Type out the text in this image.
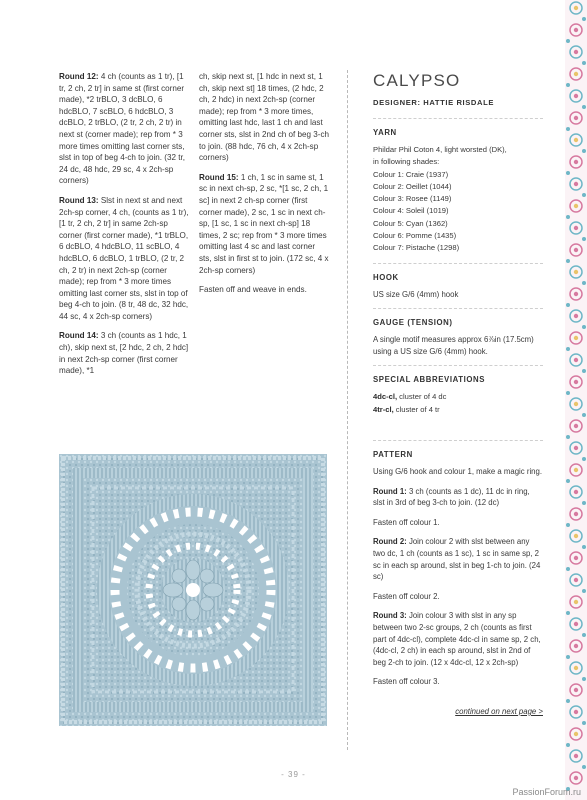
Round 12: 4 ch (counts as 1 tr), [1 tr, 2 ch, 2 tr] in same st (first corner made), *2 trBLO, 3 dcBLO, 6 hdcBLO, 7 scBLO, 6 hdcBLO, 3 dcBLO, 2 trBLO, (2 tr, 2 ch, 2 tr) in next st (corner made); rep from * 3 more times omitting last corner sts, slst in top of beg 4-ch to join. (32 tr, 24 dc, 48 hdc, 29 sc, 4 x 2ch-sp corners)

Round 13: Slst in next st and next 2ch-sp corner, 4 ch, (counts as 1 tr), [1 tr, 2 ch, 2 tr] in same 2ch-sp corner (first corner made), *1 trBLO, 6 dcBLO, 4 hdcBLO, 11 scBLO, 4 hdcBLO, 6 dcBLO, 1 trBLO, (2 tr, 2 ch, 2 tr) in next 2ch-sp (corner made); rep from * 3 more times omitting last corner sts, slst in top of beg 4-ch to join. (8 tr, 48 dc, 32 hdc, 44 sc, 4 x 2ch-sp corners)

Round 14: 3 ch (counts as 1 hdc, 1 ch), skip next st, [2 hdc, 2 ch, 2 hdc] in next 2ch-sp corner (first corner made), *1

ch, skip next st, [1 hdc in next st, 1 ch, skip next st] 18 times, (2 hdc, 2 ch, 2 hdc) in next 2ch-sp (corner made); rep from * 3 more times, omitting last hdc, last 1 ch and last corner sts, slst in 2nd ch of beg 3-ch to join. (88 hdc, 76 ch, 4 x 2ch-sp corners)

Round 15: 1 ch, 1 sc in same st, 1 sc in next ch-sp, 2 sc, *[1 sc, 2 ch, 1 sc] in next 2 ch-sp corner (first corner made), 2 sc, 1 sc in next ch-sp, [1 sc, 1 sc in next ch-sp] 18 times, 2 sc; rep from * 3 more times omitting last 4 sc and last corner sts, slst in first st to join. (172 sc, 4 x 2ch-sp corners)

Fasten off and weave in ends.

CALYPSO
DESIGNER: HATTIE RISDALE
YARN
Phildar Phil Coton 4, light worsted (DK),
in following shades:
Colour 1: Craie (1937)
Colour 2: Oeillet (1044)
Colour 3: Rosee (1149)
Colour 4: Soleil (1019)
Colour 5: Cyan (1362)
Colour 6: Pomme (1435)
Colour 7: Pistache (1298)
HOOK
US size G/6 (4mm) hook
GAUGE (TENSION)
A single motif measures approx 6⅞in (17.5cm) using a US size G/6 (4mm) hook.
SPECIAL ABBREVIATIONS
4dc-cl, cluster of 4 dc
4tr-cl, cluster of 4 tr
PATTERN
Using G/6 hook and colour 1, make a magic ring.
Round 1: 3 ch (counts as 1 dc), 11 dc in ring, slst in 3rd of beg 3-ch to join. (12 dc)
Fasten off colour 1.
Round 2: Join colour 2 with slst between any two dc, 1 ch (counts as 1 sc), 1 sc in same sp, 2 sc in each sp around, slst in beg 1-ch to join. (24 sc)
Fasten off colour 2.
Round 3: Join colour 3 with slst in any sp between two 2-sc groups, 2 ch (counts as first part of 4dc-cl), complete 4dc-cl in same sp, 2 ch, (4dc-cl, 2 ch) in each sp around, slst in 2nd of beg 2-ch to join. (12 x 4dc-cl, 12 x 2ch-sp)
Fasten off colour 3.
continued on next page >
- 39 -
PassionForum.ru
